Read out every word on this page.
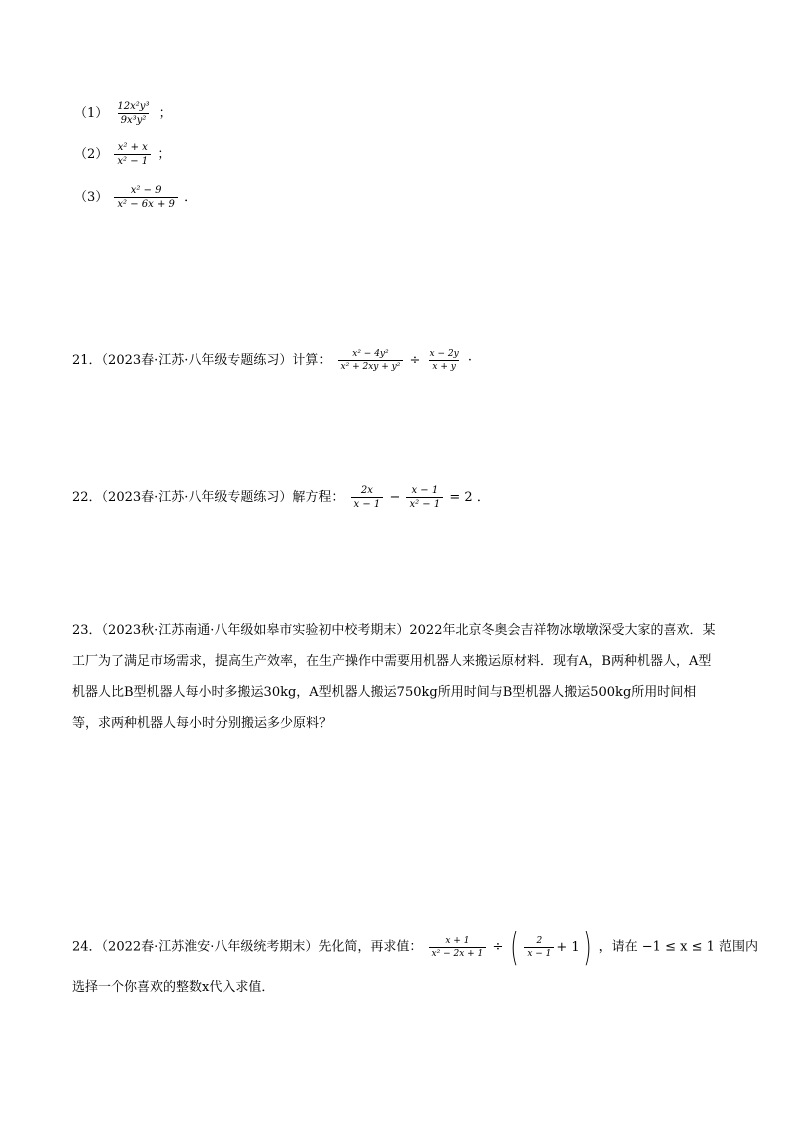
$(1) \frac{\text{12x²y³}}{\text{9x³y²}}$ ；
$(2) \frac{\text{x² + x}}{\text{x² − 1}}$ ；
$(3) \frac{\text{x² − 9}}{\text{x² − 6x + 9}}$ ．
21．（2023春·江苏·八年级专题练习）计算： $\frac{\text{x² − 4y²}}{\text{x² + 2xy + y²}} \div \frac{x - 2y}{x + y}$ ·
22．（2023春·江苏·八年级专题练习）解方程： $\frac{2x}{x - 1} - \frac{x - 1}{\text{x² − 1}} = 2$ ．
23．（2023秋·江苏南通·八年级如皋市实验初中校考期末）2022年北京冬奥会吉祥物冰墩墩深受大家的喜欢．某工厂为了满足市场需求，提高生产效率，在生产操作中需要用机器人来搬运原材料．现有A，B两种机器人，A型机器人比B型机器人每小时多搬运30kg，A型机器人搬运750kg所用时间与B型机器人搬运500kg所用时间相等，求两种机器人每小时分别搬运多少原料？
24．（2022春·江苏淮安·八年级统考期末）先化简，再求值： $\frac{x + 1}{\text{x² − 2x + 1}}$ ÷ ( $\frac{2}{x - 1} + 1$ ) ，请在 −1 ≤ x ≤ 1 范围内
选择一个你喜欢的整数x代入求值．
